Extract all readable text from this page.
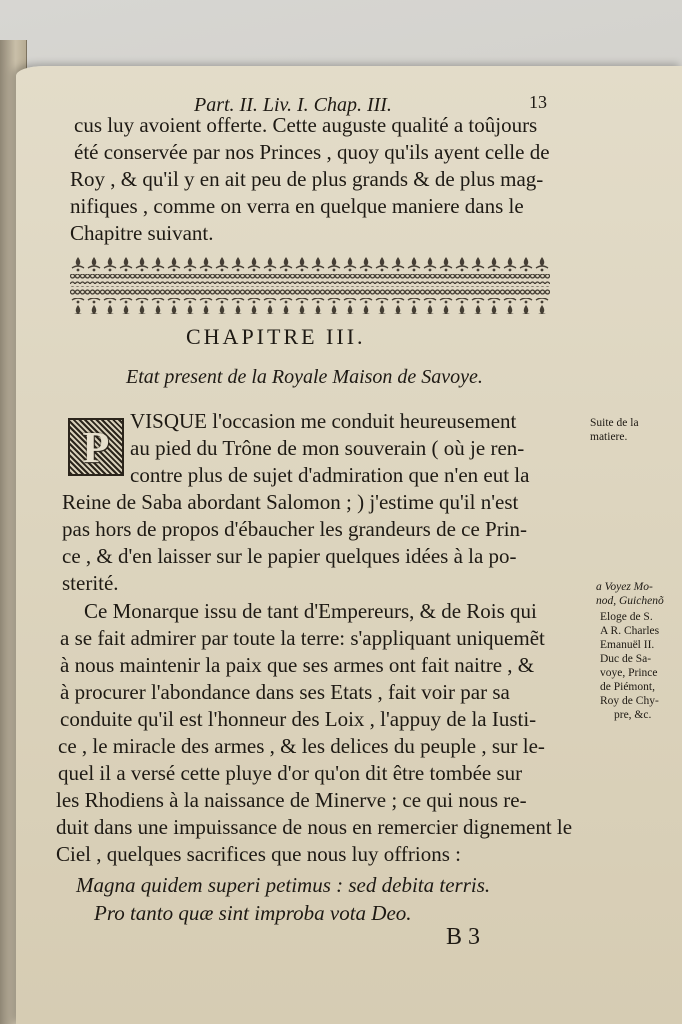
Part. II. Liv. I. Chap. III.	13

cus luy avoient offerte. Cette auguste qualité a toûjours

été conservée par nos Princes , quoy qu'ils ayent celle de

Roy , & qu'il y en ait peu de plus grands & de plus mag-

nifiques , comme on verra en quelque maniere dans le

Chapitre suivant.

CHAPITRE III.
Etat present de la Royale Maison de Savoye.
P

VISQUE l'occasion me conduit heureusement

au pied du Trône de mon souverain ( où je ren-

contre plus de sujet d'admiration que n'en eut la

Reine de Saba abordant Salomon ; ) j'estime qu'il n'est

pas hors de propos d'ébaucher les grandeurs de ce Prin-

ce , & d'en laisser sur le papier quelques idées à la po-

sterité.

Ce Monarque issu de tant d'Empereurs, & de Rois qui

a se fait admirer par toute la terre: s'appliquant uniquemẽt

à nous maintenir la paix que ses armes ont fait naitre , &

à procurer l'abondance dans ses Etats , fait voir par sa

conduite qu'il est l'honneur des Loix , l'appuy de la Iusti-

ce , le miracle des armes , & les delices du peuple , sur le-

quel il a versé cette pluye d'or qu'on dit être tombée sur

les Rhodiens à la naissance de Minerve ; ce qui nous re-

duit dans une impuissance de nous en remercier dignement le

Ciel , quelques sacrifices que nous luy offrions :

Magna quidem superi petimus : sed debita terris.

Pro tanto quæ sint improba vota Deo.

Suite de la
matiere.
a Voyez Mo-
nod, Guichenõ
Eloge de S.
A R. Charles
Emanuël II.
Duc de Sa-
voye, Prince
de Piémont,
Roy de Chy-
pre, &c.
B 3
